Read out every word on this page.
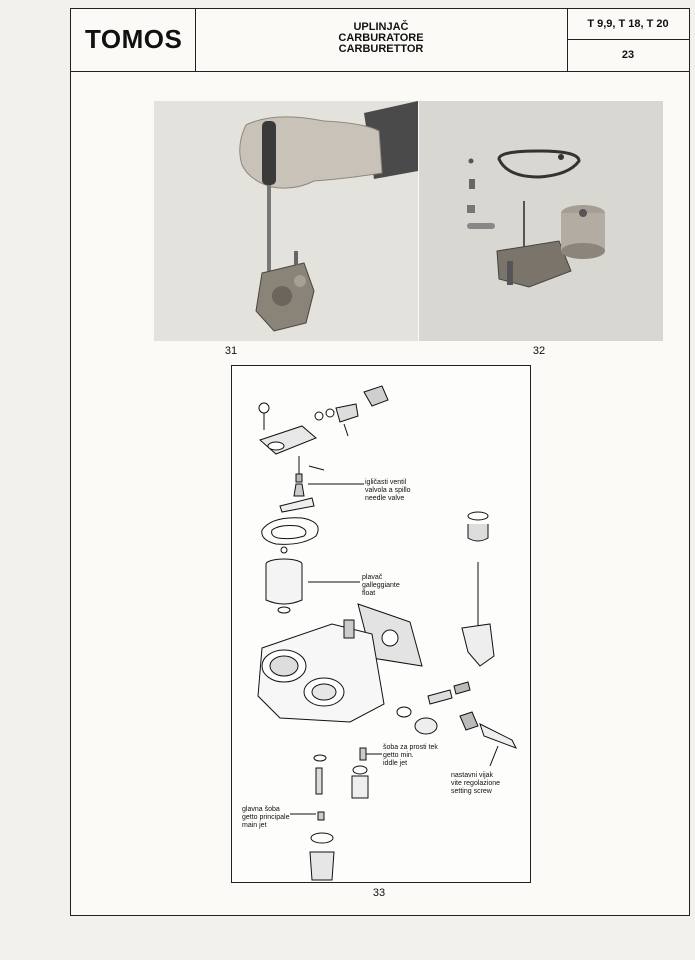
TOMOS	UPLINJAČ
CARBURATORE
CARBURETTOR
T 9,9, T 18, T 20
23
31	32
igličasti ventil
valvola a spillo
needle valve
plavač
galleggiante
float
šoba za prosti tek
getto min.
iddle jet
nastavni vijak
vite regolazione
setting screw
glavna šoba
getto principale
main jet
33
